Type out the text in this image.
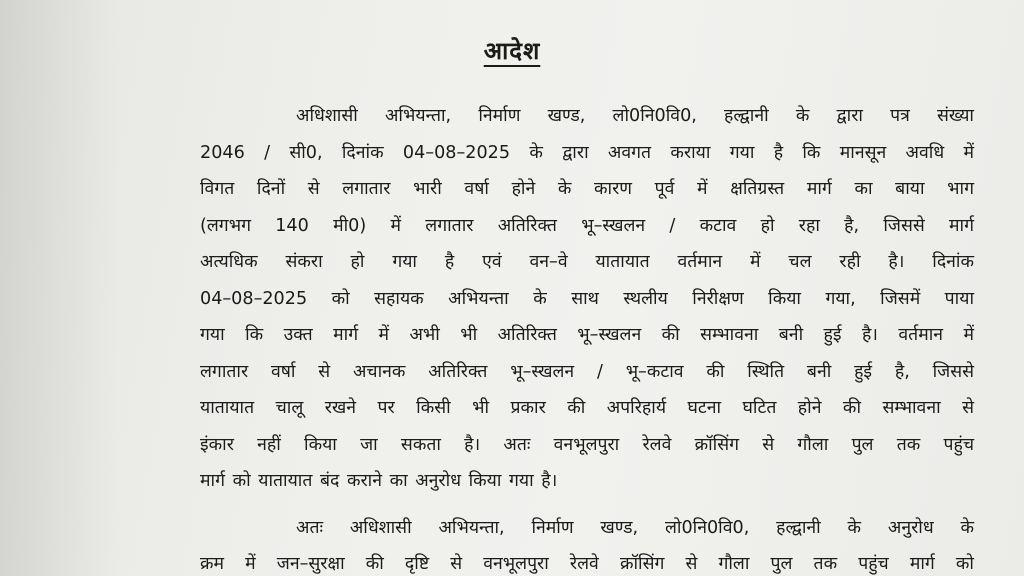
आदेश
अधिशासी अभियन्ता, निर्माण खण्ड, लो0नि0वि0, हल्द्वानी के द्वारा पत्र संख्या
2046 / सी0, दिनांक 04–08–2025 के द्वारा अवगत कराया गया है कि मानसून अवधि में
विगत दिनों से लगातार भारी वर्षा होने के कारण पूर्व में क्षतिग्रस्त मार्ग का बाया भाग
(लगभग 140 मी0) में लगातार अतिरिक्त भू–स्खलन / कटाव हो रहा है, जिससे मार्ग
अत्यधिक संकरा हो गया है एवं वन–वे यातायात वर्तमान में चल रही है। दिनांक
04–08–2025 को सहायक अभियन्ता के साथ स्थलीय निरीक्षण किया गया, जिसमें पाया
गया कि उक्त मार्ग में अभी भी अतिरिक्त भू–स्खलन की सम्भावना बनी हुई है। वर्तमान में
लगातार वर्षा से अचानक अतिरिक्त भू–स्खलन / भू–कटाव की स्थिति बनी हुई है, जिससे
यातायात चालू रखने पर किसी भी प्रकार की अपरिहार्य घटना घटित होने की सम्भावना से
इंकार नहीं किया जा सकता है। अतः वनभूलपुरा रेलवे क्रॉसिंग से गौला पुल तक पहुंच
मार्ग को यातायात बंद कराने का अनुरोध किया गया है।
अतः अधिशासी अभियन्ता, निर्माण खण्ड, लो0नि0वि0, हल्द्वानी के अनुरोध के
क्रम में जन–सुरक्षा की दृष्टि से वनभूलपुरा रेलवे क्रॉसिंग से गौला पुल तक पहुंच मार्ग को
